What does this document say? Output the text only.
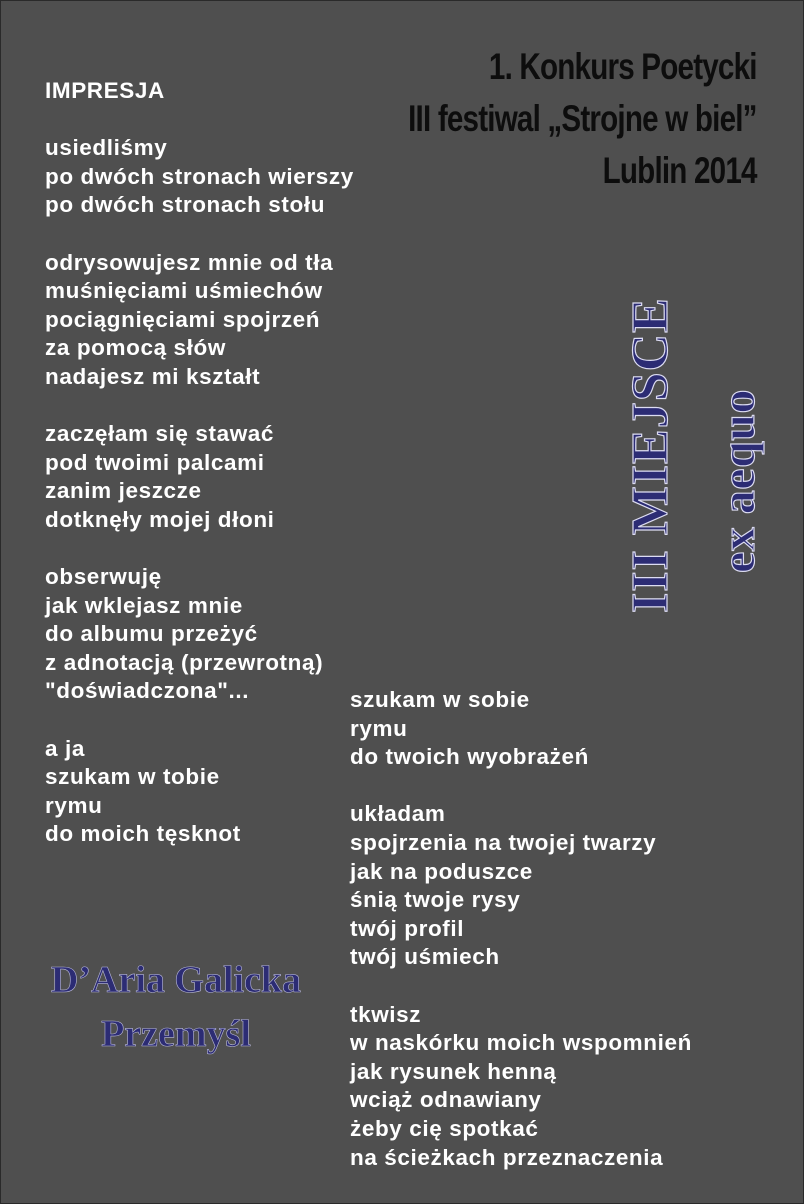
1. Konkurs Poetycki
III festiwal „Strojne w biel”
Lublin 2014
IMPRESJA
usiedliśmy
po dwóch stronach wierszy
po dwóch stronach stołu
odrysowujesz mnie od tła
muśnięciami uśmiechów
pociągnięciami spojrzeń
za pomocą słów
nadajesz mi kształt
zaczęłam się stawać
pod twoimi palcami
zanim jeszcze
dotknęły mojej dłoni
obserwuję
jak wklejasz mnie
do albumu przeżyć
z adnotacją (przewrotną)
"doświadczona"...
a ja
szukam w tobie
rymu
do moich tęsknot
szukam w sobie
rymu
do twoich wyobrażeń
układam
spojrzenia na twojej twarzy
jak na poduszce
śnią twoje rysy
twój profil
twój uśmiech
tkwisz
w naskórku moich wspomnień
jak rysunek henną
wciąż odnawiany
żeby cię spotkać
na ścieżkach przeznaczenia
III MIEJSCE ex aequo
D’Aria Galicka
Przemyśl
